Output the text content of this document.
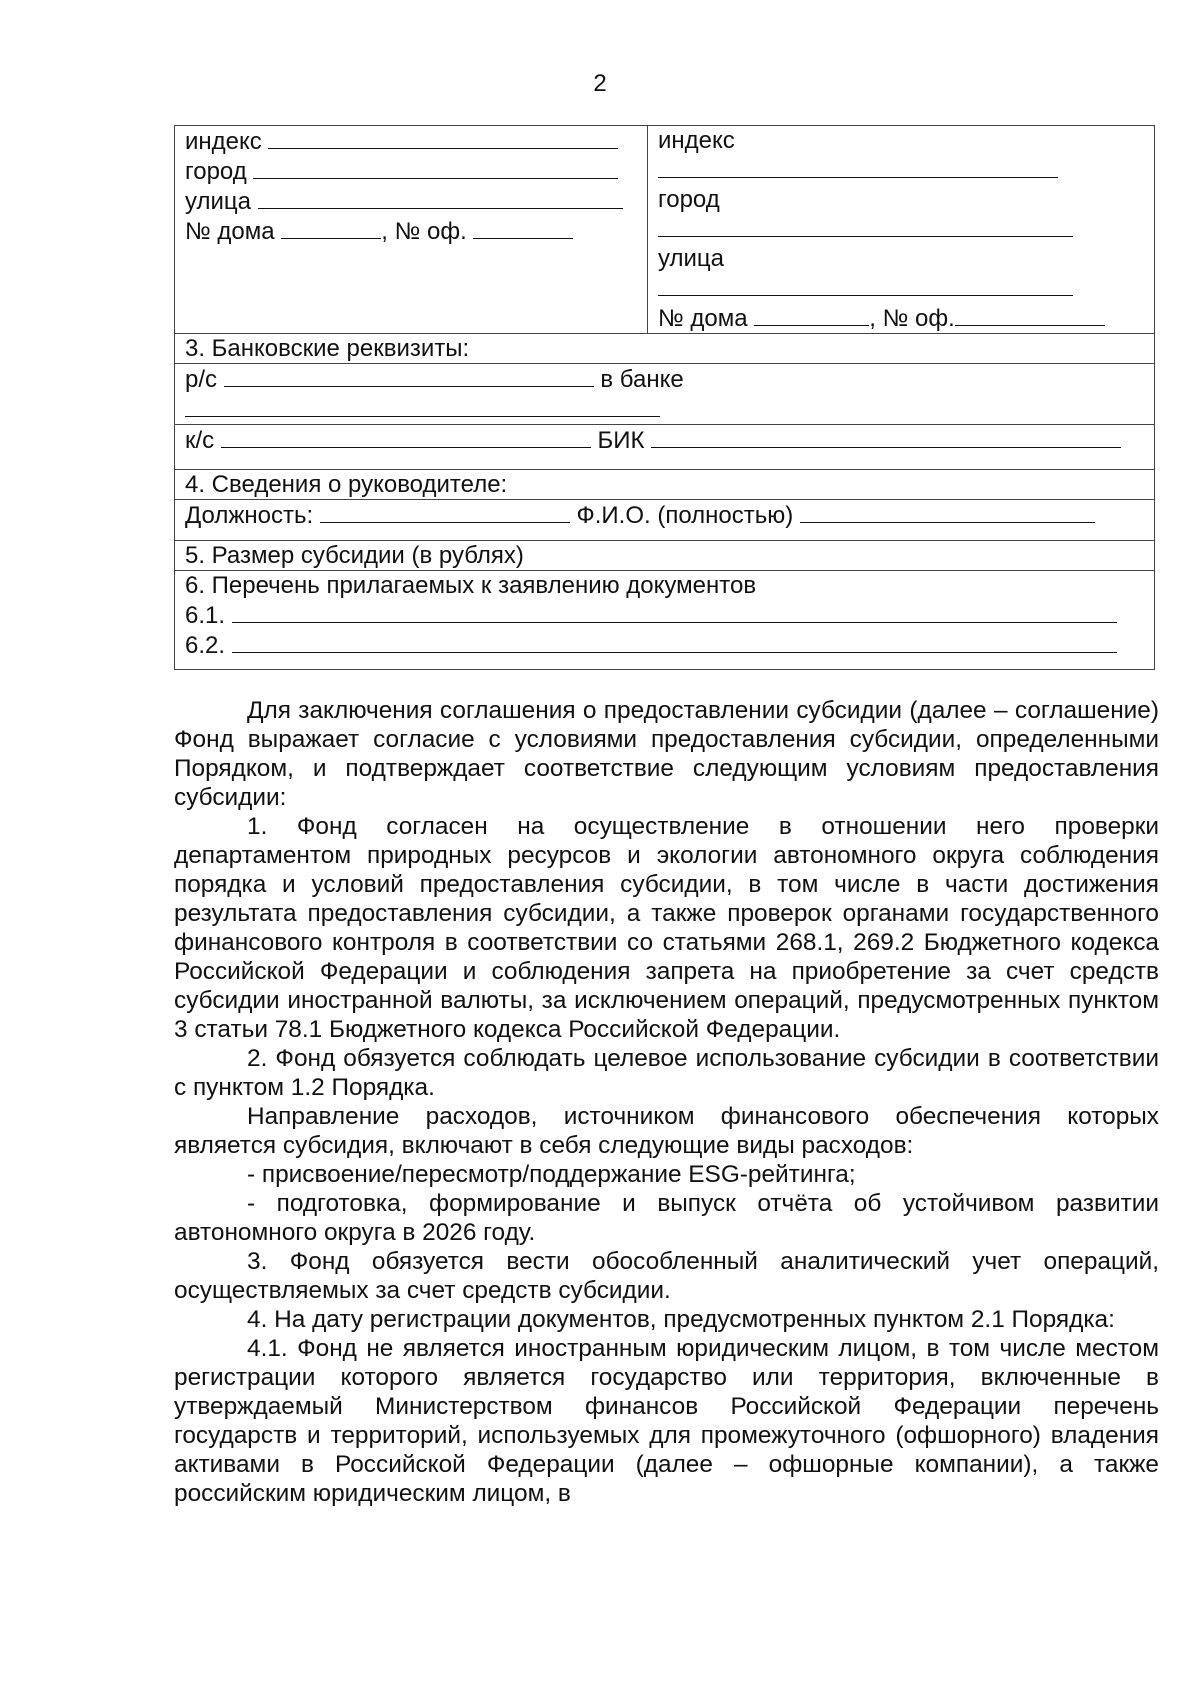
2
индекс
город
улица
№ дома	, № оф.

индекс
город
улица
№ дома	, № оф.

3. Банковские реквизиты:

р/с	в банке

к/с	БИК

4. Сведения о руководителе:

Должность:	Ф.И.О. (полностью)

5. Размер субсидии (в рублях)

6. Перечень прилагаемых к заявлению документов
6.1.
6.2.

Для заключения соглашения о предоставлении субсидии (далее – соглашение) Фонд выражает согласие с условиями предоставления субсидии, определенными Порядком, и подтверждает соответствие следующим условиям предоставления субсидии:

1. Фонд согласен на осуществление в отношении него проверки департаментом природных ресурсов и экологии автономного округа соблюдения порядка и условий предоставления субсидии, в том числе в части достижения результата предоставления субсидии, а также проверок органами государственного финансового контроля в соответствии со статьями 268.1, 269.2 Бюджетного кодекса Российской Федерации и соблюдения запрета на приобретение за счет средств субсидии иностранной валюты, за исключением операций, предусмотренных пунктом 3 статьи 78.1 Бюджетного кодекса Российской Федерации.

2. Фонд обязуется соблюдать целевое использование субсидии в соответствии с пунктом 1.2 Порядка.

Направление расходов, источником финансового обеспечения которых является субсидия, включают в себя следующие виды расходов:

- присвоение/пересмотр/поддержание ESG-рейтинга;

- подготовка, формирование и выпуск отчёта об устойчивом развитии автономного округа в 2026 году.

3. Фонд обязуется вести обособленный аналитический учет операций, осуществляемых за счет средств субсидии.

4. На дату регистрации документов, предусмотренных пунктом 2.1 Порядка:

4.1. Фонд не является иностранным юридическим лицом, в том числе местом регистрации которого является государство или территория, включенные в утверждаемый Министерством финансов Российской Федерации перечень государств и территорий, используемых для промежуточного (офшорного) владения активами в Российской Федерации (далее – офшорные компании), а также российским юридическим лицом, в
